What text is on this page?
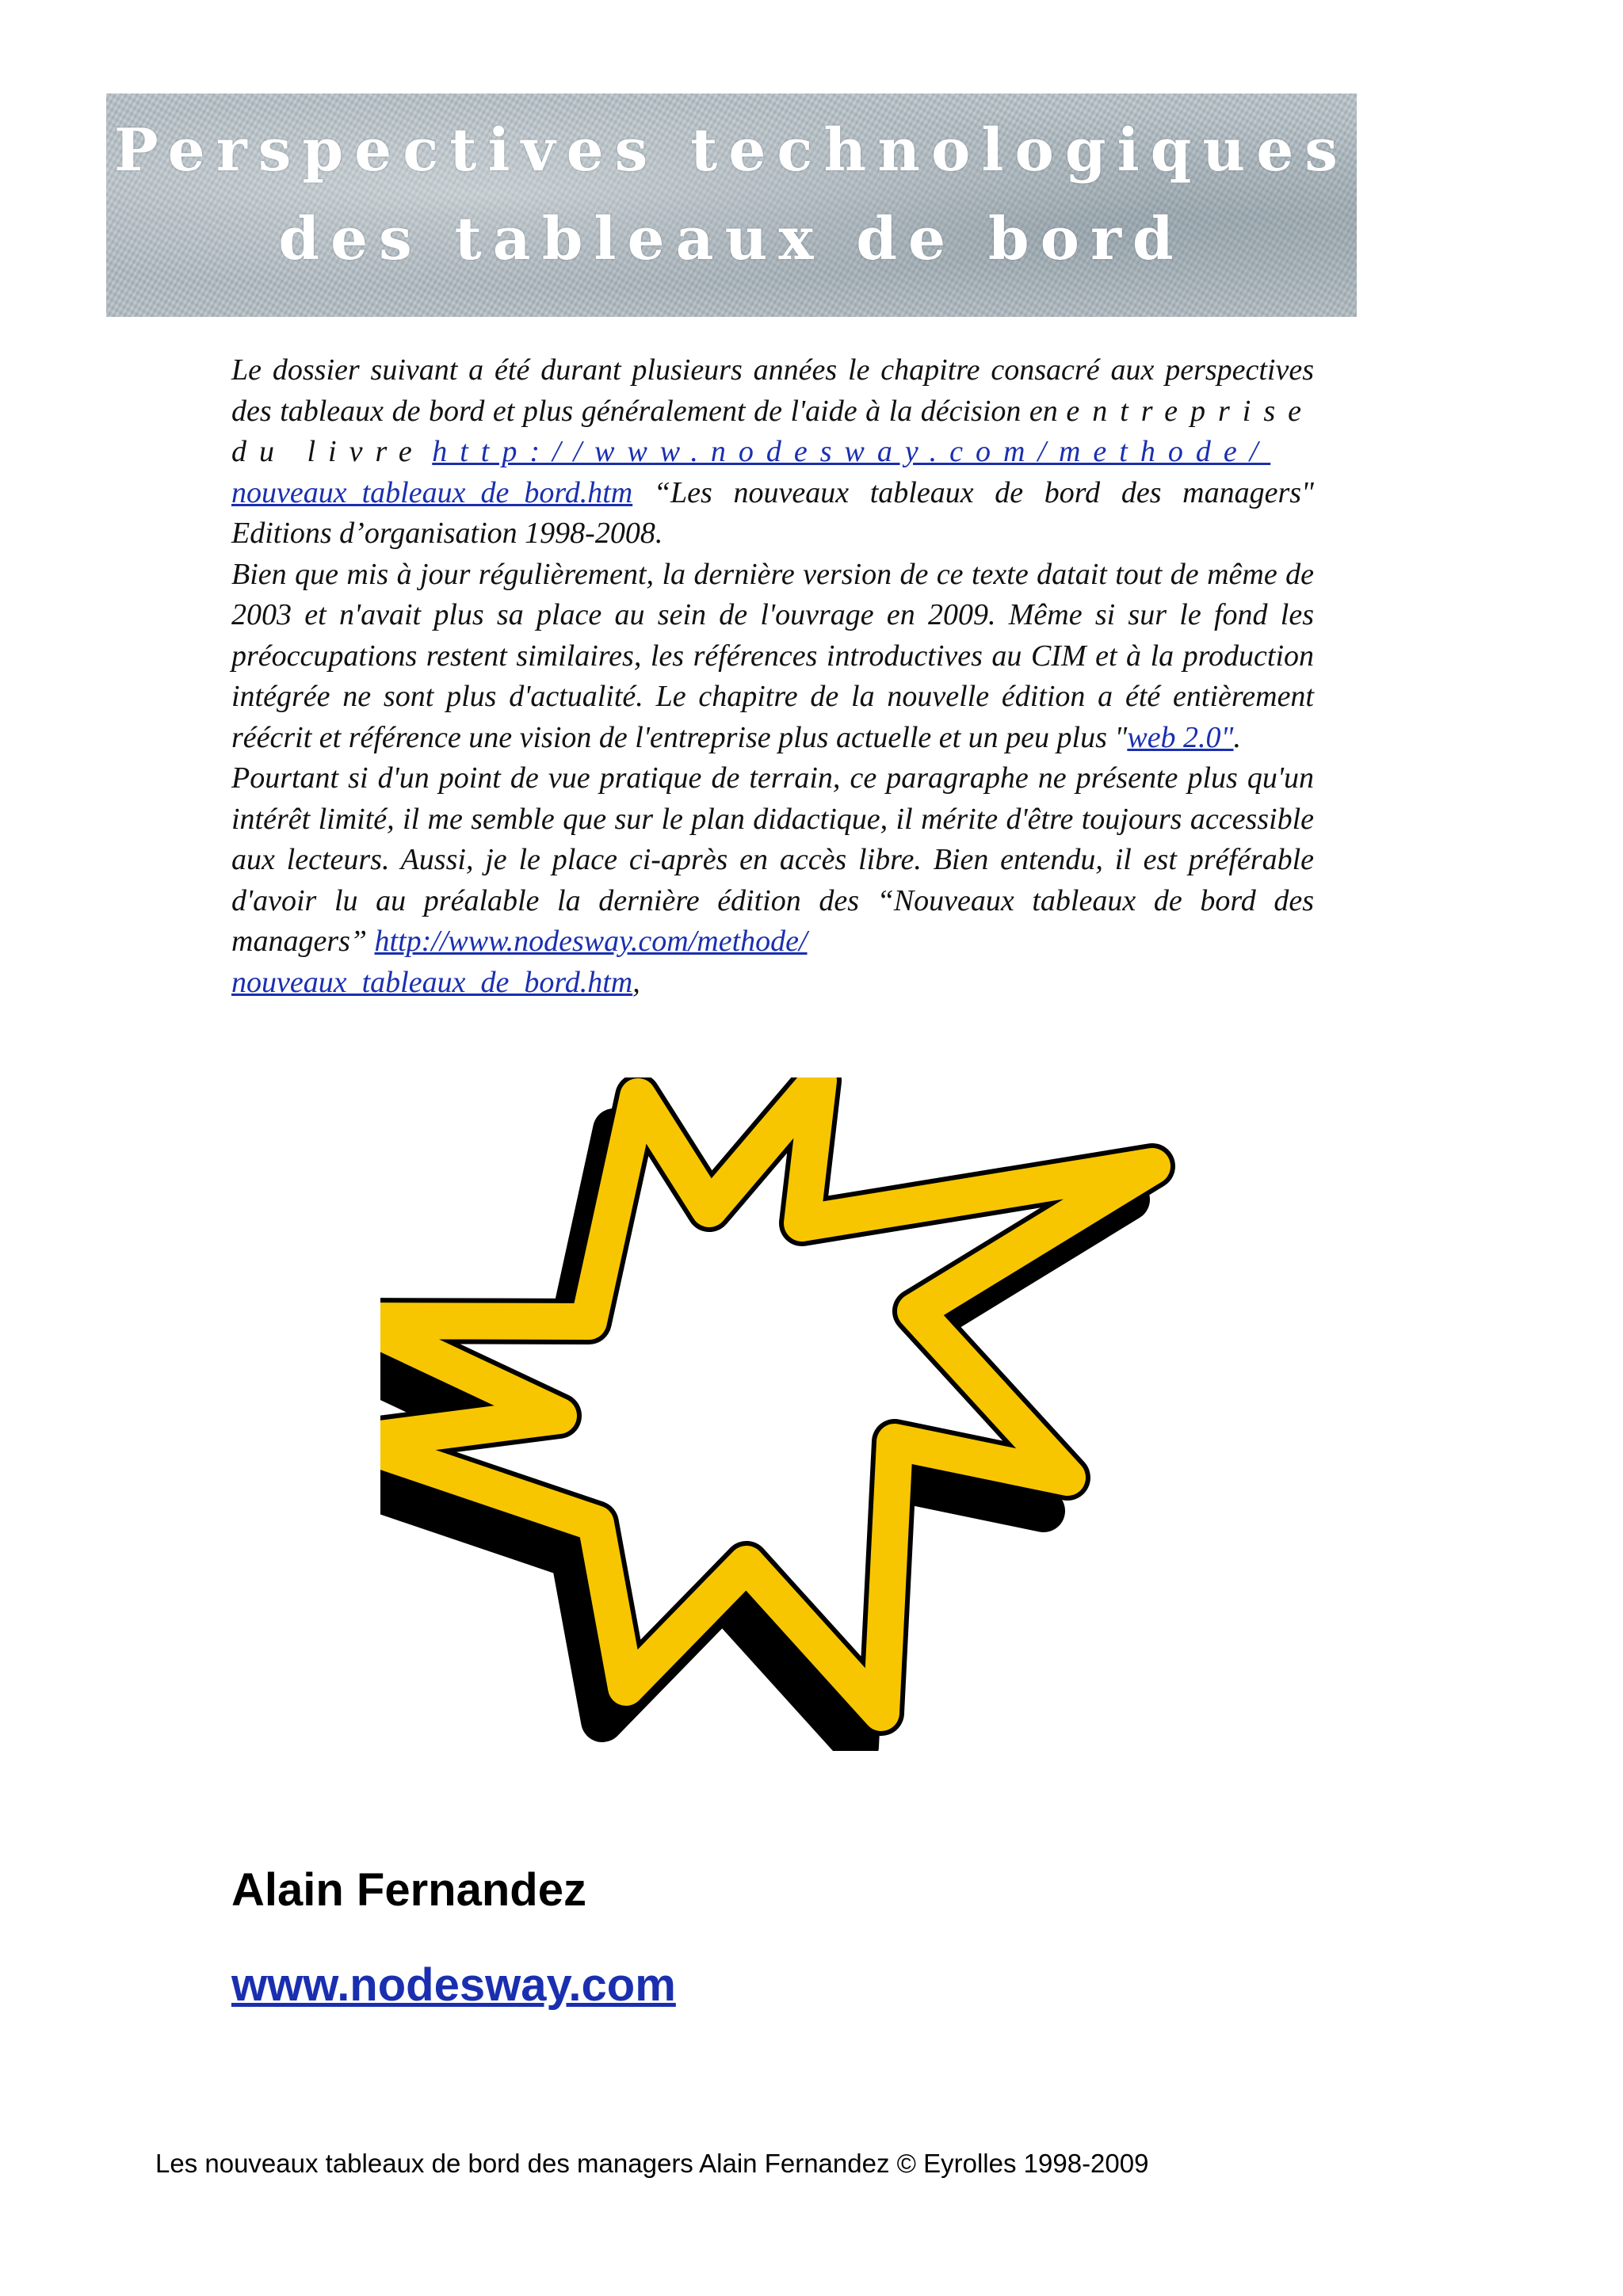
Perspectives technologiques
des tableaux de bord

Le dossier suivant a été durant plusieurs années le chapitre consacré aux perspectives des tableaux de bord et plus généralement de l'aide à la décision en entreprise du livre http://www.nodesway.com/methode/
nouveaux_tableaux_de_bord.htm “Les nouveaux tableaux de bord des managers" Editions d’organisation 1998-2008.

Bien que mis à jour régulièrement, la dernière version de ce texte datait tout de même de 2003 et n'avait plus sa place au sein de l'ouvrage en 2009. Même si sur le fond les préoccupations restent similaires, les références introductives au CIM et à la production intégrée ne sont plus d'actualité. Le chapitre de la nouvelle édition a été entièrement réécrit et référence une vision de l'entreprise plus actuelle et un peu plus "web 2.0".

Pourtant si d'un point de vue pratique de terrain, ce paragraphe ne présente plus qu'un intérêt limité, il me semble que sur le plan didactique, il mérite d'être toujours accessible aux lecteurs. Aussi, je le place ci-après en accès libre. Bien entendu, il est préférable d'avoir lu au préalable la dernière édition des “Nouveaux tableaux de bord des managers” http://www.nodesway.com/methode/
nouveaux_tableaux_de_bord.htm,

Alain Fernandez
www.nodesway.com
Les nouveaux tableaux de bord des managers Alain Fernandez © Eyrolles 1998-2009
